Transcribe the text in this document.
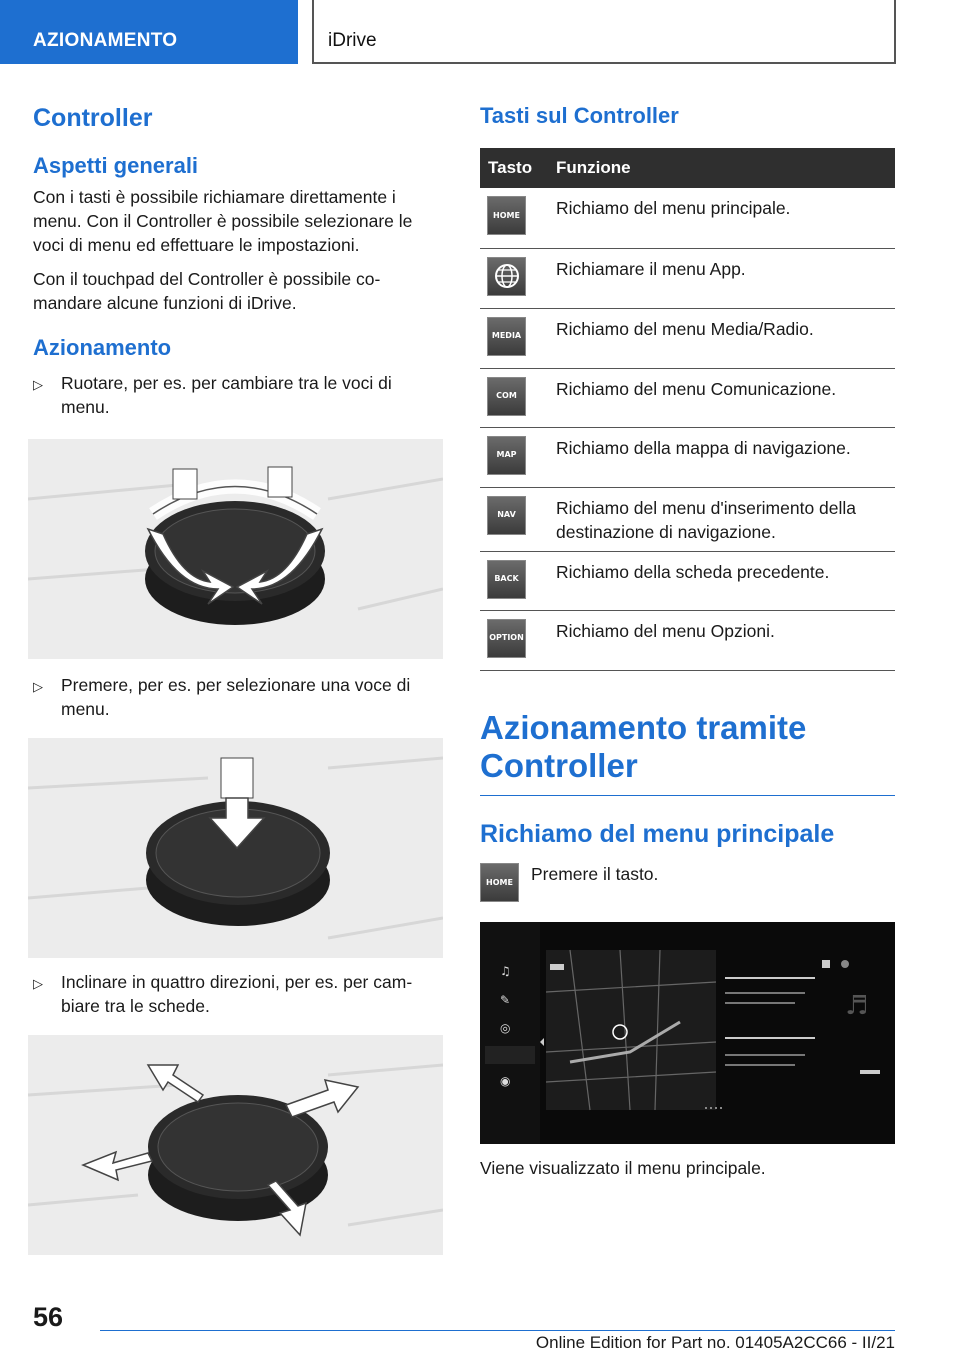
AZIONAMENTO	iDrive
Controller
Aspetti generali

Con i tasti è possibile richiamare direttamente i menu. Con il Controller è possibile selezionare le voci di menu ed effettuare le impostazioni.

Con il touchpad del Controller è possibile comandare alcune funzioni di iDrive.

Azionamento
▷	Ruotare, per es. per cambiare tra le voci di menu.
▷	Premere, per es. per selezionare una voce di menu.
▷	Inclinare in quattro direzioni, per es. per cambiare tra le schede.
Tasti sul Controller
Tasto	Funzione

HOME	Richiamo del menu principale.

	Richiamare il menu App.

MEDIA	Richiamo del menu Media/Radio.

COM	Richiamo del menu Comunicazione.

MAP	Richiamo della mappa di navigazione.

NAV	Richiamo del menu d'inserimento della destinazione di navigazione.

BACK	Richiamo della scheda precedente.

OPTION	Richiamo del menu Opzioni.
Azionamento tramite Controller
Richiamo del menu principale
HOME	Premere il tasto.
♫
✎
◎
◉
♬

Viene visualizzato il menu principale.

56
Online Edition for Part no. 01405A2CC66 - II/21
